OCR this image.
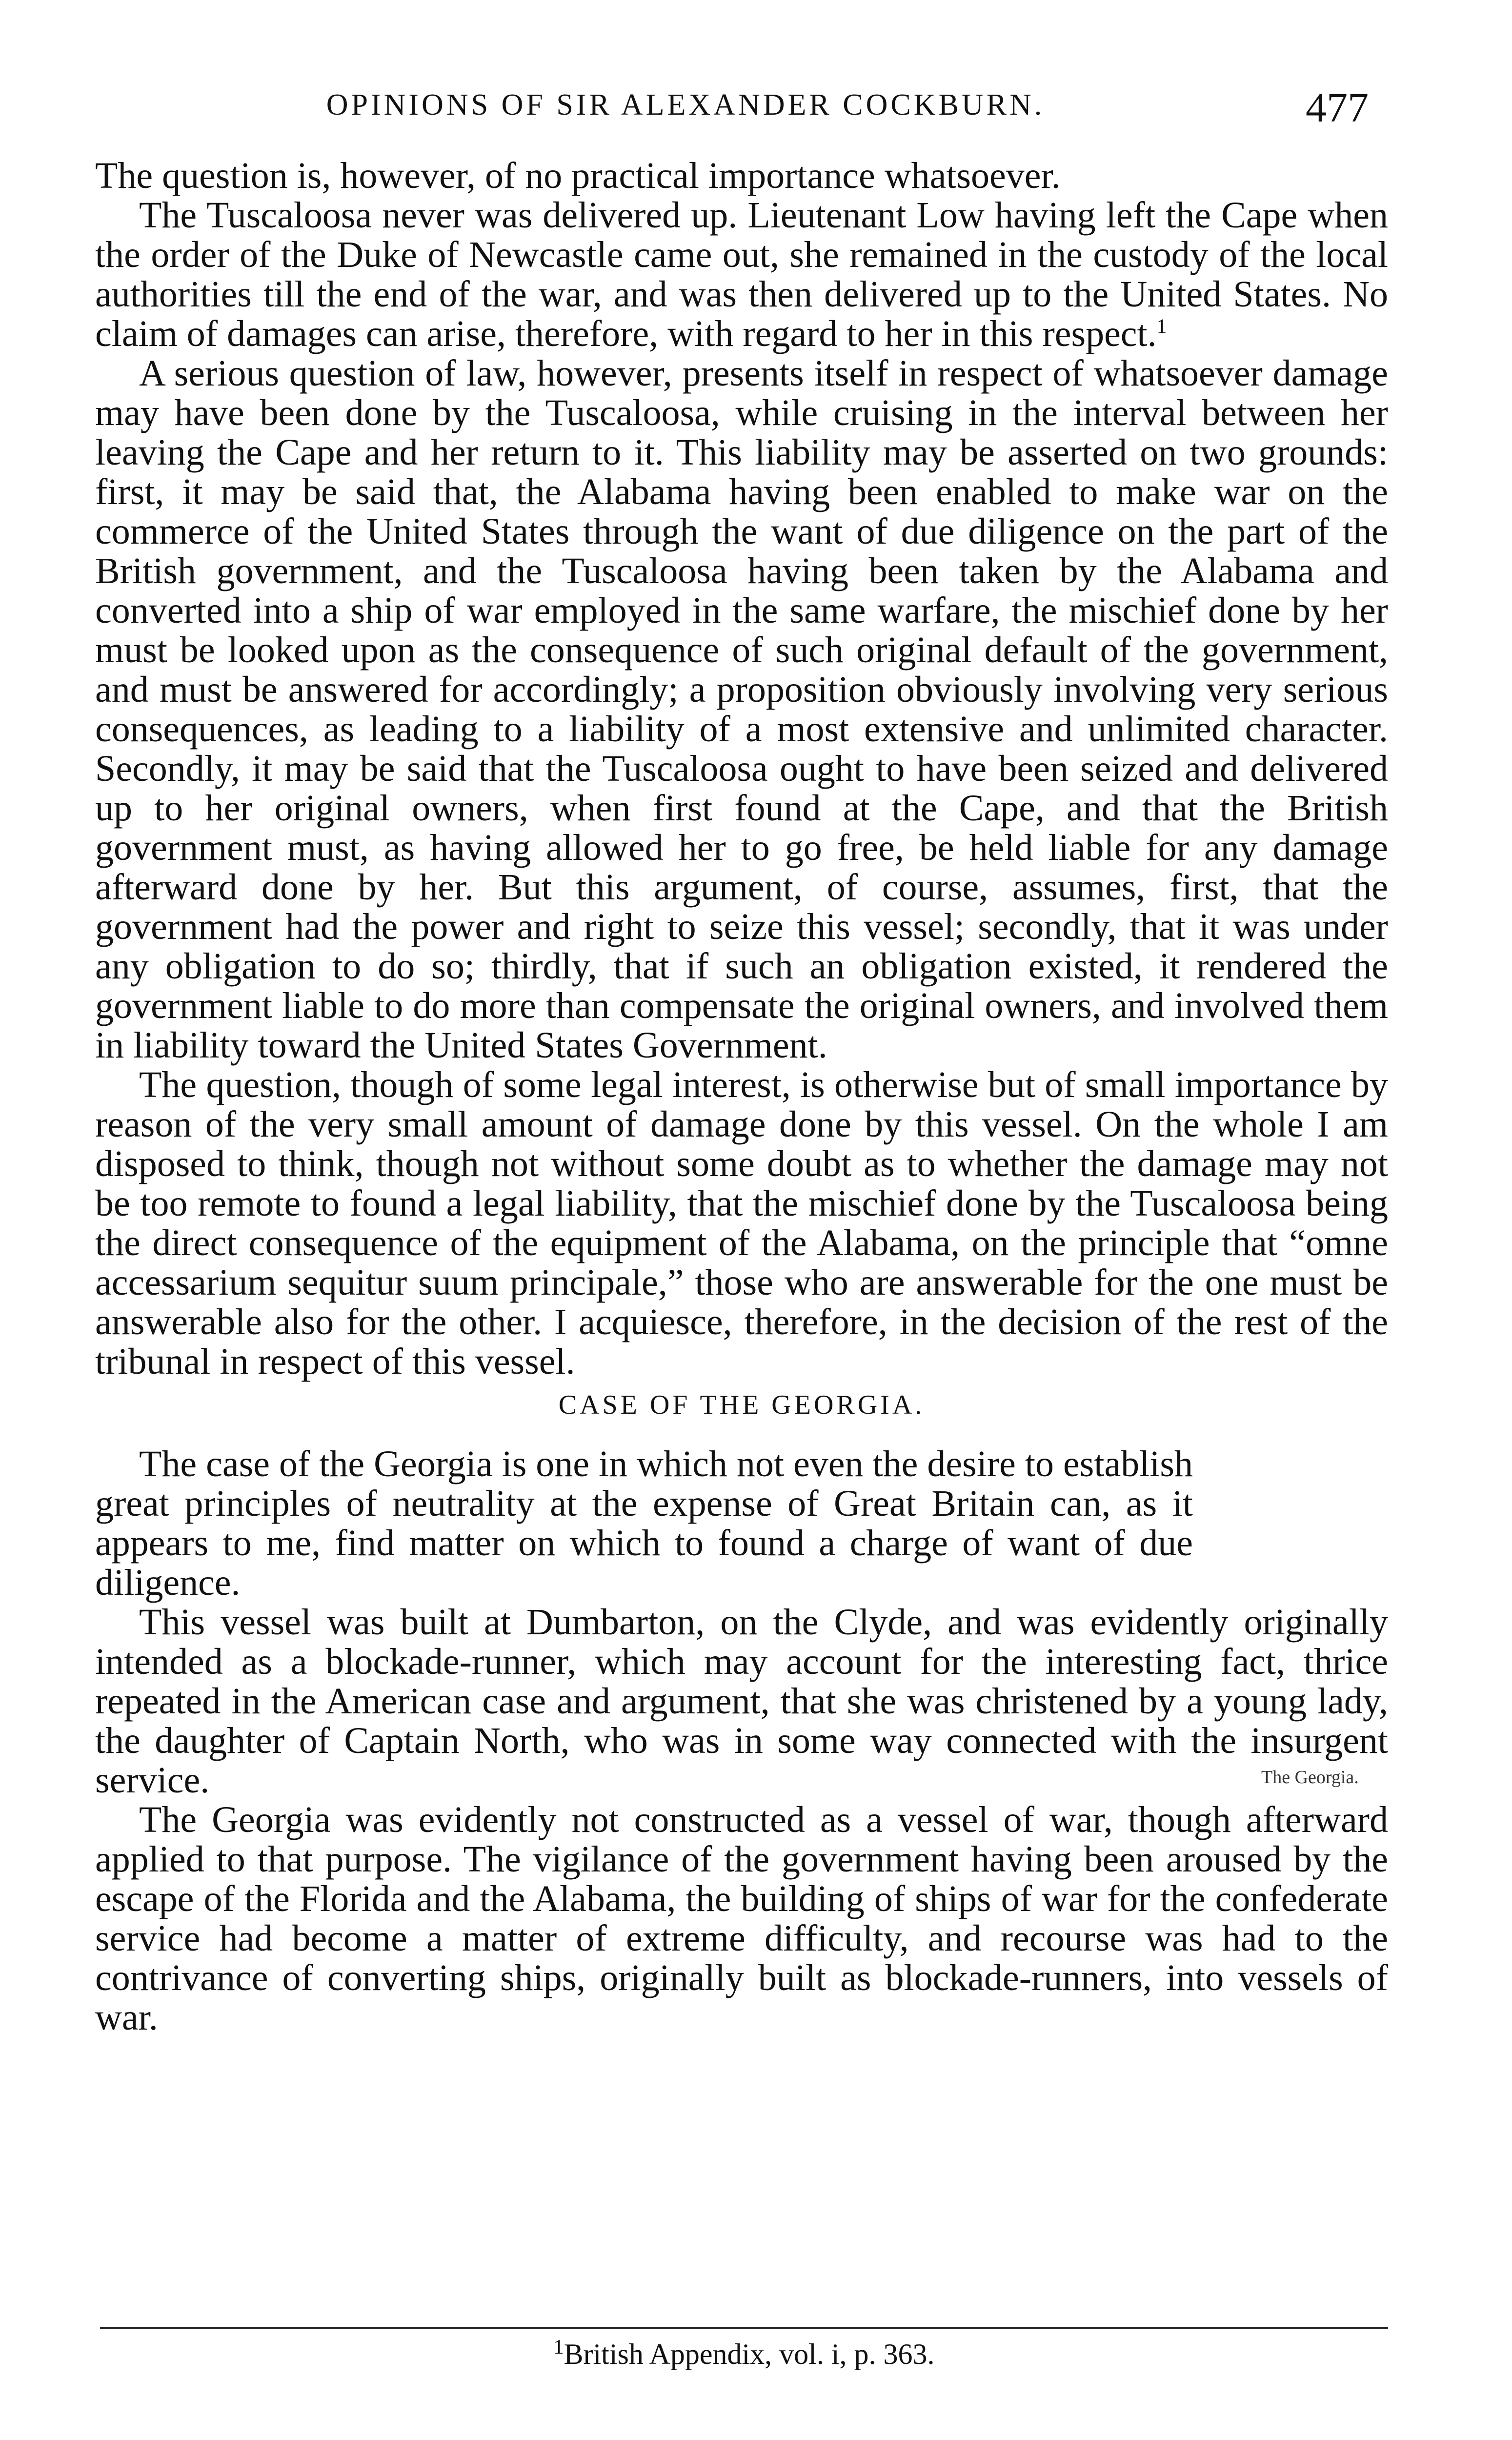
OPINIONS OF SIR ALEXANDER COCKBURN.	477

The question is, however, of no practical importance whatsoever.

The Tuscaloosa never was delivered up. Lieutenant Low having left the Cape when the order of the Duke of Newcastle came out, she remained in the custody of the local authorities till the end of the war, and was then delivered up to the United States. No claim of damages can arise, therefore, with regard to her in this respect.$^1$

A serious question of law, however, presents itself in respect of whatsoever damage may have been done by the Tuscaloosa, while cruising in the interval between her leaving the Cape and her return to it. This liability may be asserted on two grounds: first, it may be said that, the Alabama having been enabled to make war on the commerce of the United States through the want of due diligence on the part of the British government, and the Tuscaloosa having been taken by the Alabama and converted into a ship of war employed in the same warfare, the mischief done by her must be looked upon as the consequence of such original default of the government, and must be answered for accordingly; a proposition obviously involving very serious consequences, as leading to a liability of a most extensive and unlimited character. Secondly, it may be said that the Tuscaloosa ought to have been seized and delivered up to her original owners, when first found at the Cape, and that the British government must, as having allowed her to go free, be held liable for any damage afterward done by her. But this argument, of course, assumes, first, that the government had the power and right to seize this vessel; secondly, that it was under any obligation to do so; thirdly, that if such an obligation existed, it rendered the government liable to do more than compensate the original owners, and involved them in liability toward the United States Government.

The question, though of some legal interest, is otherwise but of small importance by reason of the very small amount of damage done by this vessel. On the whole I am disposed to think, though not without some doubt as to whether the damage may not be too remote to found a legal liability, that the mischief done by the Tuscaloosa being the direct consequence of the equipment of the Alabama, on the principle that “omne accessarium sequitur suum principale,” those who are answerable for the one must be answerable also for the other. I acquiesce, therefore, in the decision of the rest of the tribunal in respect of this vessel.

CASE OF THE GEORGIA.

The case of the Georgia is one in which not even the desire to establish great principles of neutrality at the expense of Great Britain can, as it appears to me, find matter on which to found a charge of want of due diligence.

This vessel was built at Dumbarton, on the Clyde, and was evidently originally intended as a blockade-runner, which may account for the interesting fact, thrice repeated in the American case and argument, that she was christened by a young lady, the daughter of Captain North, who was in some way connected with the insurgent service.

The Georgia was evidently not constructed as a vessel of war, though afterward applied to that purpose. The vigilance of the government having been aroused by the escape of the Florida and the Alabama, the building of ships of war for the confederate service had become a matter of extreme difficulty, and recourse was had to the contrivance of converting ships, originally built as blockade-runners, into vessels of war.

The Georgia.
$^1$British Appendix, vol. i, p. 363.
